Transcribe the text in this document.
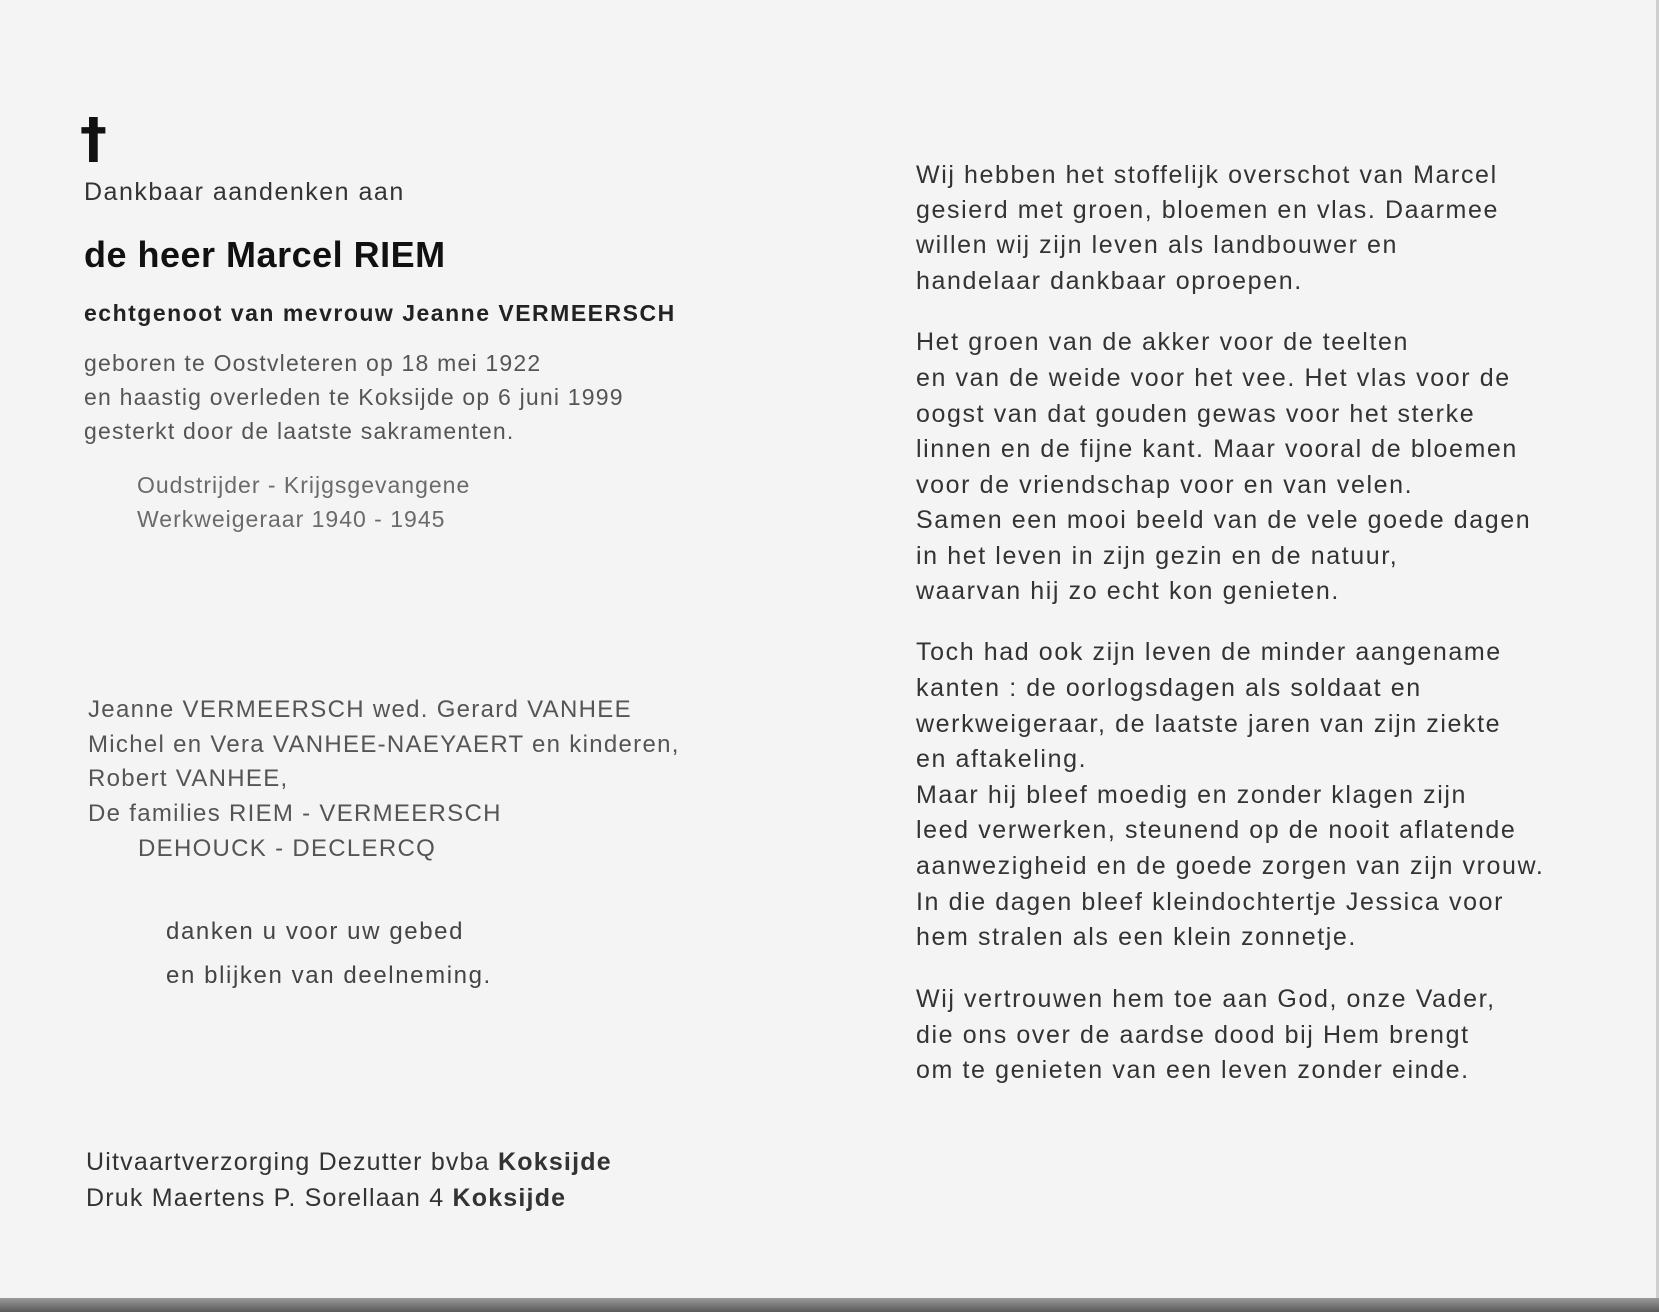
†
Dankbaar aandenken aan
de heer Marcel RIEM
echtgenoot van mevrouw Jeanne VERMEERSCH
geboren te Oostvleteren op 18 mei 1922
en haastig overleden te Koksijde op 6 juni 1999
gesterkt door de laatste sakramenten.
Oudstrijder - Krijgsgevangene
Werkweigeraar 1940 - 1945
Jeanne VERMEERSCH wed. Gerard VANHEE
Michel en Vera VANHEE-NAEYAERT en kinderen,
Robert VANHEE,
De families RIEM - VERMEERSCH
DEHOUCK - DECLERCQ
danken u voor uw gebed
en blijken van deelneming.
Uitvaartverzorging Dezutter bvba Koksijde
Druk Maertens P. Sorellaan 4 Koksijde
Wij hebben het stoffelijk overschot van Marcel
gesierd met groen, bloemen en vlas. Daarmee
willen wij zijn leven als landbouwer en
handelaar dankbaar oproepen.
Het groen van de akker voor de teelten
en van de weide voor het vee. Het vlas voor de
oogst van dat gouden gewas voor het sterke
linnen en de fijne kant. Maar vooral de bloemen
voor de vriendschap voor en van velen.
Samen een mooi beeld van de vele goede dagen
in het leven in zijn gezin en de natuur,
waarvan hij zo echt kon genieten.
Toch had ook zijn leven de minder aangename
kanten : de oorlogsdagen als soldaat en
werkweigeraar, de laatste jaren van zijn ziekte
en aftakeling.
Maar hij bleef moedig en zonder klagen zijn
leed verwerken, steunend op de nooit aflatende
aanwezigheid en de goede zorgen van zijn vrouw.
In die dagen bleef kleindochtertje Jessica voor
hem stralen als een klein zonnetje.
Wij vertrouwen hem toe aan God, onze Vader,
die ons over de aardse dood bij Hem brengt
om te genieten van een leven zonder einde.
